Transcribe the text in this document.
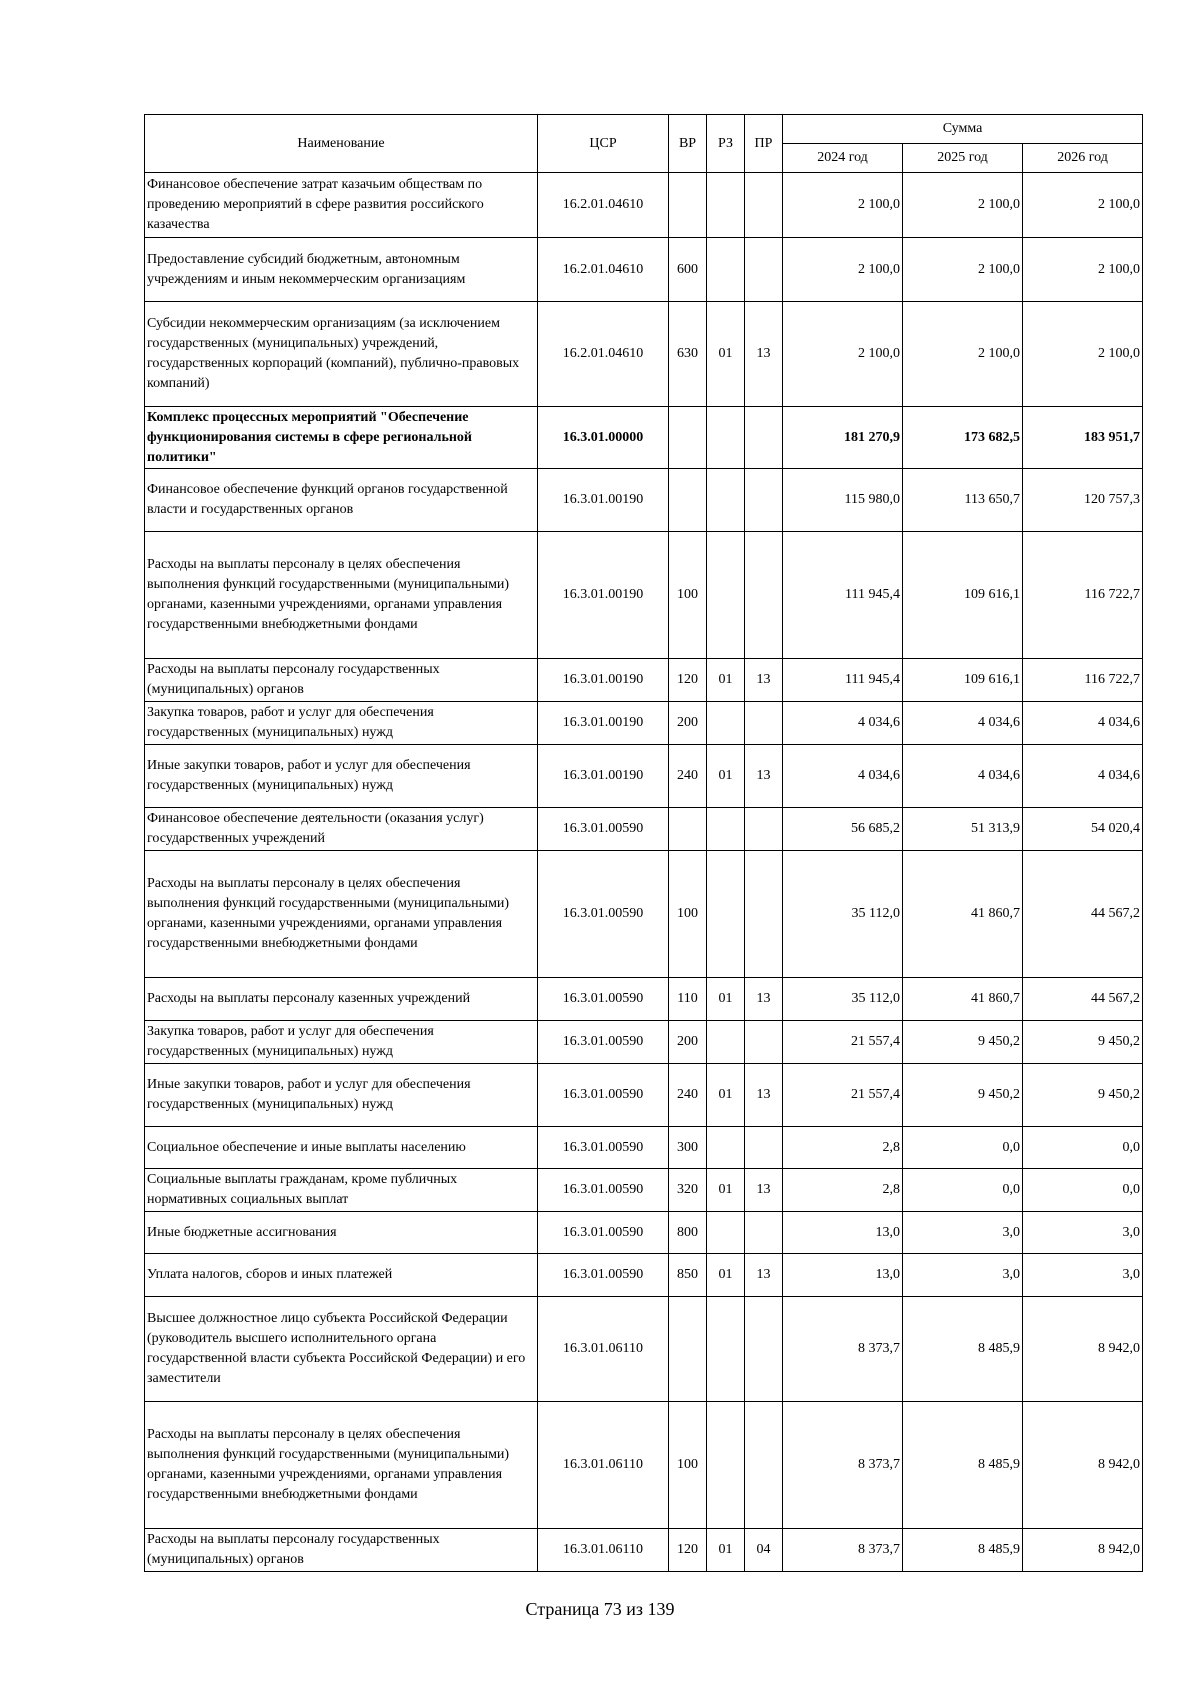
Наименование	ЦСР	ВР	РЗ	ПР	Сумма		
					2024 год	2025 год	2026 год
Финансовое обеспечение затрат казачьим обществам по проведению мероприятий в сфере развития российского казачества	16.2.01.04610				2 100,0	2 100,0	2 100,0
Предоставление субсидий бюджетным, автономным учреждениям и иным некоммерческим организациям	16.2.01.04610	600			2 100,0	2 100,0	2 100,0
Субсидии некоммерческим организациям (за исключением государственных (муниципальных) учреждений, государственных корпораций (компаний), публично-правовых компаний)	16.2.01.04610	630	01	13	2 100,0	2 100,0	2 100,0
Комплекс процессных мероприятий "Обеспечение функционирования системы в сфере региональной политики"	16.3.01.00000				181 270,9	173 682,5	183 951,7
Финансовое обеспечение функций органов государственной власти и государственных органов	16.3.01.00190				115 980,0	113 650,7	120 757,3
Расходы на выплаты персоналу в целях обеспечения выполнения функций государственными (муниципальными) органами, казенными учреждениями, органами управления государственными внебюджетными фондами	16.3.01.00190	100			111 945,4	109 616,1	116 722,7
Расходы на выплаты персоналу государственных (муниципальных) органов	16.3.01.00190	120	01	13	111 945,4	109 616,1	116 722,7
Закупка товаров, работ и услуг для обеспечения государственных (муниципальных) нужд	16.3.01.00190	200			4 034,6	4 034,6	4 034,6
Иные закупки товаров, работ и услуг для обеспечения государственных (муниципальных) нужд	16.3.01.00190	240	01	13	4 034,6	4 034,6	4 034,6
Финансовое обеспечение деятельности (оказания услуг) государственных учреждений	16.3.01.00590				56 685,2	51 313,9	54 020,4
Расходы на выплаты персоналу в целях обеспечения выполнения функций государственными (муниципальными) органами, казенными учреждениями, органами управления государственными внебюджетными фондами	16.3.01.00590	100			35 112,0	41 860,7	44 567,2
Расходы на выплаты персоналу казенных учреждений	16.3.01.00590	110	01	13	35 112,0	41 860,7	44 567,2
Закупка товаров, работ и услуг для обеспечения государственных (муниципальных) нужд	16.3.01.00590	200			21 557,4	9 450,2	9 450,2
Иные закупки товаров, работ и услуг для обеспечения государственных (муниципальных) нужд	16.3.01.00590	240	01	13	21 557,4	9 450,2	9 450,2
Социальное обеспечение и иные выплаты населению	16.3.01.00590	300			2,8	0,0	0,0
Социальные выплаты гражданам, кроме публичных нормативных социальных выплат	16.3.01.00590	320	01	13	2,8	0,0	0,0
Иные бюджетные ассигнования	16.3.01.00590	800			13,0	3,0	3,0
Уплата налогов, сборов и иных платежей	16.3.01.00590	850	01	13	13,0	3,0	3,0
Высшее должностное лицо субъекта Российской Федерации (руководитель высшего исполнительного органа государственной власти субъекта Российской Федерации) и его заместители	16.3.01.06110				8 373,7	8 485,9	8 942,0
Расходы на выплаты персоналу в целях обеспечения выполнения функций государственными (муниципальными) органами, казенными учреждениями, органами управления государственными внебюджетными фондами	16.3.01.06110	100			8 373,7	8 485,9	8 942,0
Расходы на выплаты персоналу государственных (муниципальных) органов	16.3.01.06110	120	01	04	8 373,7	8 485,9	8 942,0
Страница 73 из 139
